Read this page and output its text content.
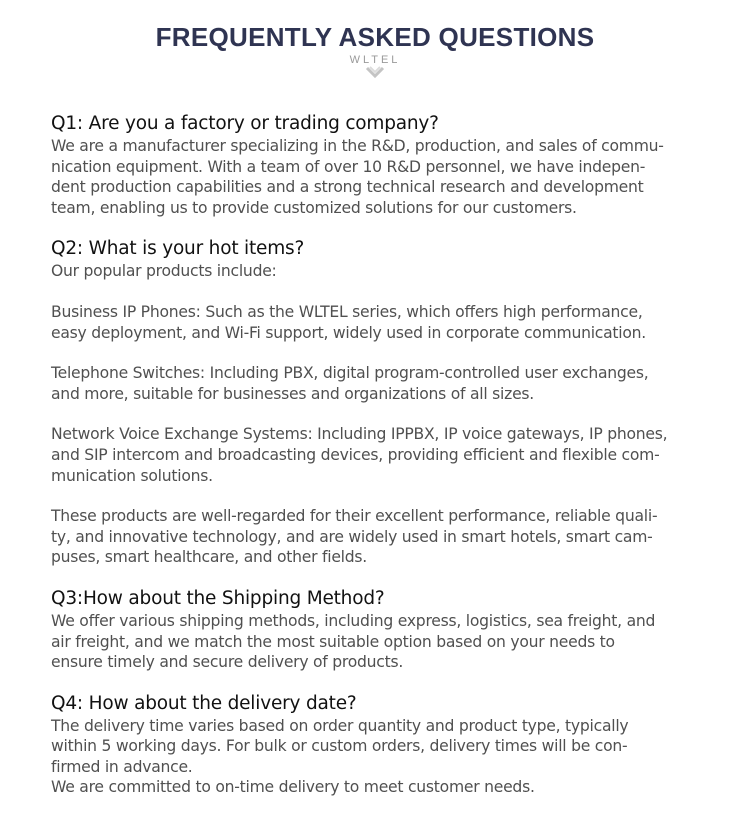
FREQUENTLY ASKED QUESTIONS
WLTEL

Q1: Are you a factory or trading company?

We are a manufacturer specializing in the R&D, production, and sales of commu-
nication equipment. With a team of over 10 R&D personnel, we have indepen-
dent production capabilities and a strong technical research and development
team, enabling us to provide customized solutions for our customers.

Q2: What is your hot items?

Our popular products include:

Business IP Phones: Such as the WLTEL series, which offers high performance,
easy deployment, and Wi-Fi support, widely used in corporate communication.

Telephone Switches: Including PBX, digital program-controlled user exchanges,
and more, suitable for businesses and organizations of all sizes.

Network Voice Exchange Systems: Including IPPBX, IP voice gateways, IP phones,
and SIP intercom and broadcasting devices, providing efficient and flexible com-
munication solutions.

These products are well-regarded for their excellent performance, reliable quali-
ty, and innovative technology, and are widely used in smart hotels, smart cam-
puses, smart healthcare, and other fields.

Q3:How about the Shipping Method?

We offer various shipping methods, including express, logistics, sea freight, and
air freight, and we match the most suitable option based on your needs to
ensure timely and secure delivery of products.

Q4: How about the delivery date?

The delivery time varies based on order quantity and product type, typically
within 5 working days. For bulk or custom orders, delivery times will be con-
firmed in advance.
We are committed to on-time delivery to meet customer needs.
